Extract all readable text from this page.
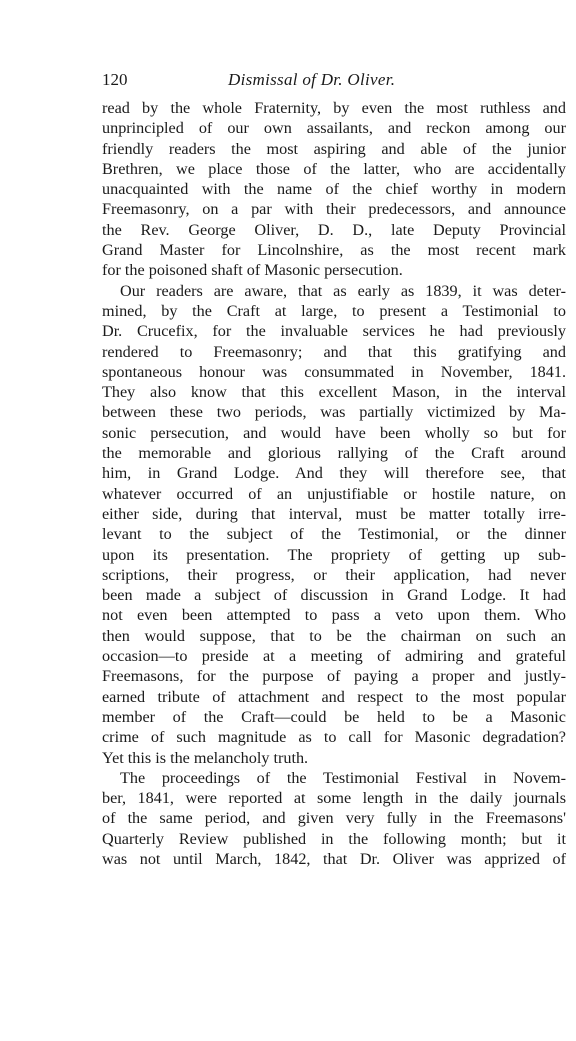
120	Dismissal of Dr. Oliver.
read by the whole Fraternity, by even the most ruthless and
unprincipled of our own assailants, and reckon among our
friendly readers the most aspiring and able of the junior
Brethren, we place those of the latter, who are accidentally
unacquainted with the name of the chief worthy in modern
Freemasonry, on a par with their predecessors, and announce
the Rev. George Oliver, D. D., late Deputy Provincial
Grand Master for Lincolnshire, as the most recent mark
for the poisoned shaft of Masonic persecution.
Our readers are aware, that as early as 1839, it was deter-
mined, by the Craft at large, to present a Testimonial to
Dr. Crucefix, for the invaluable services he had previously
rendered to Freemasonry; and that this gratifying and
spontaneous honour was consummated in November, 1841.
They also know that this excellent Mason, in the interval
between these two periods, was partially victimized by Ma-
sonic persecution, and would have been wholly so but for
the memorable and glorious rallying of the Craft around
him, in Grand Lodge. And they will therefore see, that
whatever occurred of an unjustifiable or hostile nature, on
either side, during that interval, must be matter totally irre-
levant to the subject of the Testimonial, or the dinner
upon its presentation. The propriety of getting up sub-
scriptions, their progress, or their application, had never
been made a subject of discussion in Grand Lodge. It had
not even been attempted to pass a veto upon them. Who
then would suppose, that to be the chairman on such an
occasion—to preside at a meeting of admiring and grateful
Freemasons, for the purpose of paying a proper and justly-
earned tribute of attachment and respect to the most popular
member of the Craft—could be held to be a Masonic
crime of such magnitude as to call for Masonic degradation?
Yet this is the melancholy truth.
The proceedings of the Testimonial Festival in Novem-
ber, 1841, were reported at some length in the daily journals
of the same period, and given very fully in the Freemasons'
Quarterly Review published in the following month; but it
was not until March, 1842, that Dr. Oliver was apprized of
